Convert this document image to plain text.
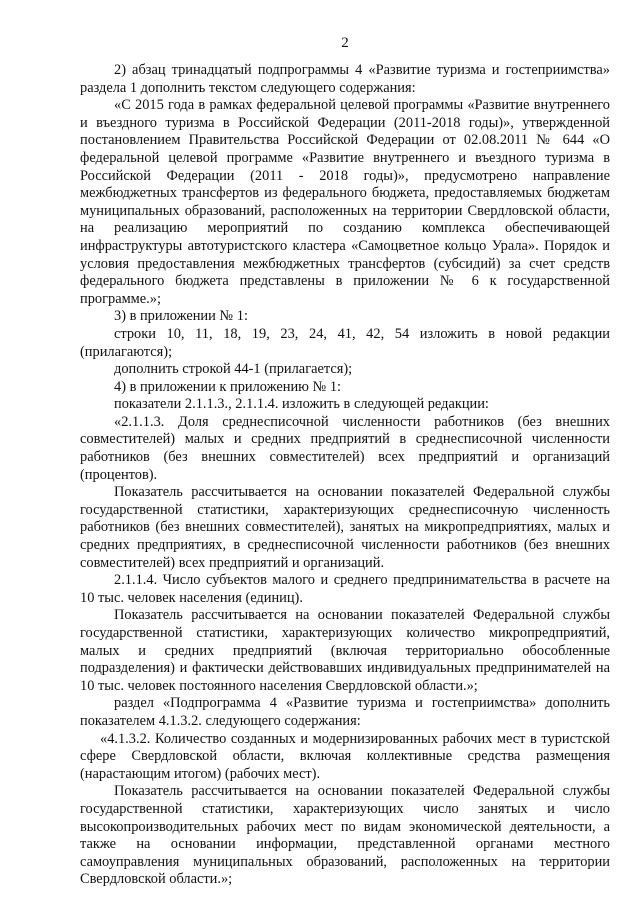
2

2) абзац тринадцатый подпрограммы 4 «Развитие туризма и гостеприимства» раздела 1 дополнить текстом следующего содержания:

«С 2015 года в рамках федеральной целевой программы «Развитие внутреннего и въездного туризма в Российской Федерации (2011-2018 годы)», утвержденной постановлением Правительства Российской Федерации от 02.08.2011 № 644 «О федеральной целевой программе «Развитие внутреннего и въездного туризма в Российской Федерации (2011 - 2018 годы)», предусмотрено направление межбюджетных трансфертов из федерального бюджета, предоставляемых бюджетам муниципальных образований, расположенных на территории Свердловской области, на реализацию мероприятий по созданию комплекса обеспечивающей инфраструктуры автотуристского кластера «Самоцветное кольцо Урала». Порядок и условия предоставления межбюджетных трансфертов (субсидий) за счет средств федерального бюджета представлены в приложении № 6 к государственной программе.»;

3) в приложении № 1:

строки 10, 11, 18, 19, 23, 24, 41, 42, 54 изложить в новой редакции (прилагаются);

дополнить строкой 44-1 (прилагается);

4) в приложении к приложению № 1:

показатели 2.1.1.3., 2.1.1.4. изложить в следующей редакции:

«2.1.1.3. Доля среднесписочной численности работников (без внешних совместителей) малых и средних предприятий в среднесписочной численности работников (без внешних совместителей) всех предприятий и организаций (процентов).

Показатель рассчитывается на основании показателей Федеральной службы государственной статистики, характеризующих среднесписочную численность работников (без внешних совместителей), занятых на микропредприятиях, малых и средних предприятиях, в среднесписочной численности работников (без внешних совместителей) всех предприятий и организаций.

2.1.1.4. Число субъектов малого и среднего предпринимательства в расчете на 10 тыс. человек населения (единиц).

Показатель рассчитывается на основании показателей Федеральной службы государственной статистики, характеризующих количество микропредприятий, малых и средних предприятий (включая территориально обособленные подразделения) и фактически действовавших индивидуальных предпринимателей на 10 тыс. человек постоянного населения Свердловской области.»;

раздел «Подпрограмма 4 «Развитие туризма и гостеприимства» дополнить показателем 4.1.3.2. следующего содержания:

«4.1.3.2. Количество созданных и модернизированных рабочих мест в туристской сфере Свердловской области, включая коллективные средства размещения (нарастающим итогом) (рабочих мест).

Показатель рассчитывается на основании показателей Федеральной службы государственной статистики, характеризующих число занятых и число высокопроизводительных рабочих мест по видам экономической деятельности, а также на основании информации, представленной органами местного самоуправления муниципальных образований, расположенных на территории Свердловской области.»;
